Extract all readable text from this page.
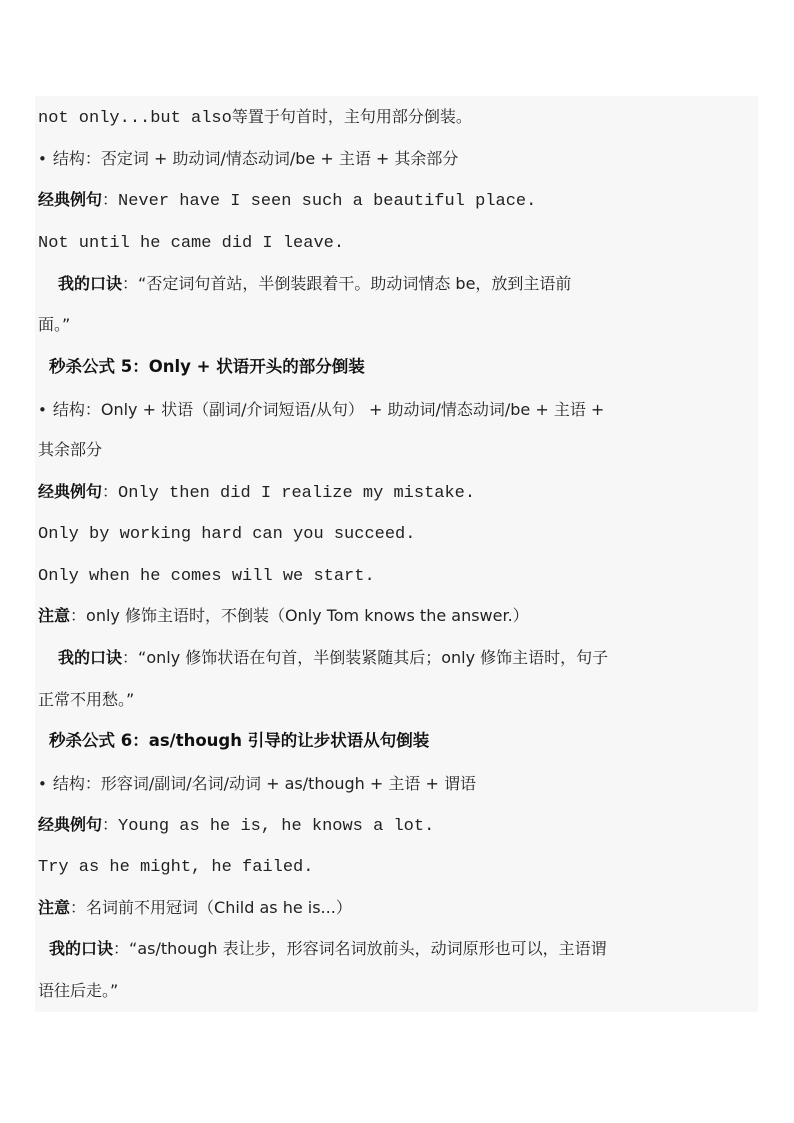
not only...but also等置于句首时，主句用部分倒装。
• 结构：否定词 + 助动词/情态动词/be + 主语 + 其余部分
经典例句：Never have I seen such a beautiful place.
Not until he came did I leave.
我的口诀：“否定词句首站，半倒装跟着干。助动词情态 be，放到主语前
面。”
秒杀公式 5：Only + 状语开头的部分倒装
• 结构：Only + 状语（副词/介词短语/从句） + 助动词/情态动词/be + 主语 +
其余部分
经典例句：Only then did I realize my mistake.
Only by working hard can you succeed.
Only when he comes will we start.
注意：only 修饰主语时，不倒装（Only Tom knows the answer.）
我的口诀：“only 修饰状语在句首，半倒装紧随其后；only 修饰主语时，句子
正常不用愁。”
秒杀公式 6：as/though 引导的让步状语从句倒装
• 结构：形容词/副词/名词/动词 + as/though + 主语 + 谓语
经典例句：Young as he is, he knows a lot.
Try as he might, he failed.
注意：名词前不用冠词（Child as he is...）
我的口诀：“as/though 表让步，形容词名词放前头，动词原形也可以，主语谓
语往后走。”
